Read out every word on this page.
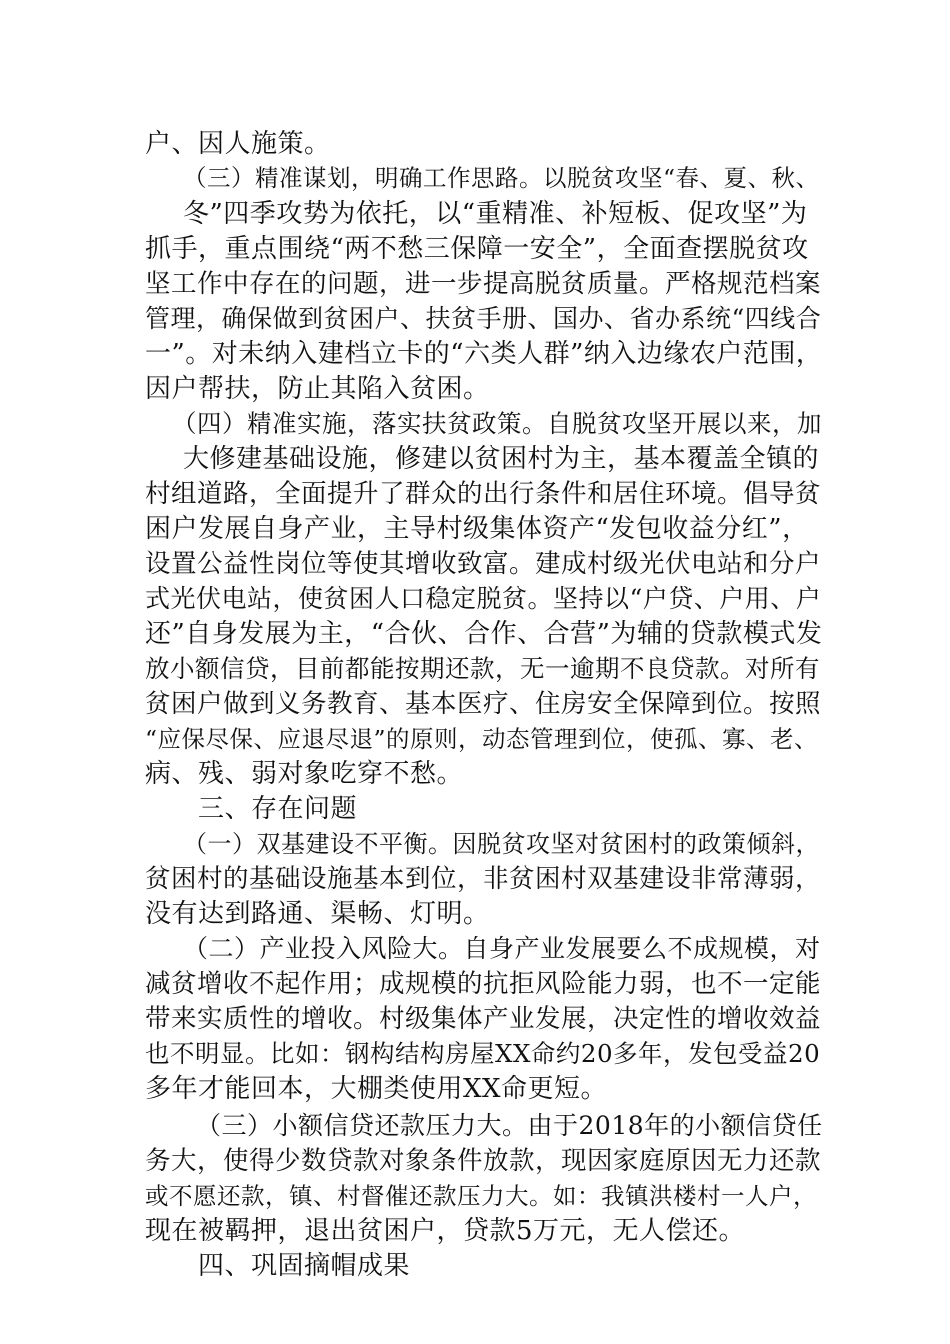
户、因人施策。
（三）精准谋划，明确工作思路。以脱贫攻坚“春、夏、秋、
冬”四季攻势为依托，以“重精准、补短板、促攻坚”为
抓手，重点围绕“两不愁三保障一安全”，全面查摆脱贫攻
坚工作中存在的问题，进一步提高脱贫质量。严格规范档案
管理，确保做到贫困户、扶贫手册、国办、省办系统“四线合
一”。对未纳入建档立卡的“六类人群”纳入边缘农户范围，
因户帮扶，防止其陷入贫困。
（四）精准实施，落实扶贫政策。自脱贫攻坚开展以来，加
大修建基础设施，修建以贫困村为主，基本覆盖全镇的
村组道路，全面提升了群众的出行条件和居住环境。倡导贫
困户发展自身产业，主导村级集体资产“发包收益分红”，
设置公益性岗位等使其增收致富。建成村级光伏电站和分户
式光伏电站，使贫困人口稳定脱贫。坚持以“户贷、户用、户
还”自身发展为主，“合伙、合作、合营”为辅的贷款模式发
放小额信贷，目前都能按期还款，无一逾期不良贷款。对所有
贫困户做到义务教育、基本医疗、住房安全保障到位。按照
“应保尽保、应退尽退”的原则，动态管理到位，使孤、寡、老、
病、残、弱对象吃穿不愁。
三、存在问题
（一）双基建设不平衡。因脱贫攻坚对贫困村的政策倾斜，
贫困村的基础设施基本到位，非贫困村双基建设非常薄弱，
没有达到路通、渠畅、灯明。
（二）产业投入风险大。自身产业发展要么不成规模，对
减贫增收不起作用；成规模的抗拒风险能力弱，也不一定能
带来实质性的增收。村级集体产业发展，决定性的增收效益
也不明显。比如：钢构结构房屋XX命约20多年，发包受益20
多年才能回本，大棚类使用XX命更短。
（三）小额信贷还款压力大。由于2018年的小额信贷任
务大，使得少数贷款对象条件放款，现因家庭原因无力还款
或不愿还款，镇、村督催还款压力大。如：我镇洪楼村一人户，
现在被羁押，退出贫困户，贷款5万元，无人偿还。
四、巩固摘帽成果
